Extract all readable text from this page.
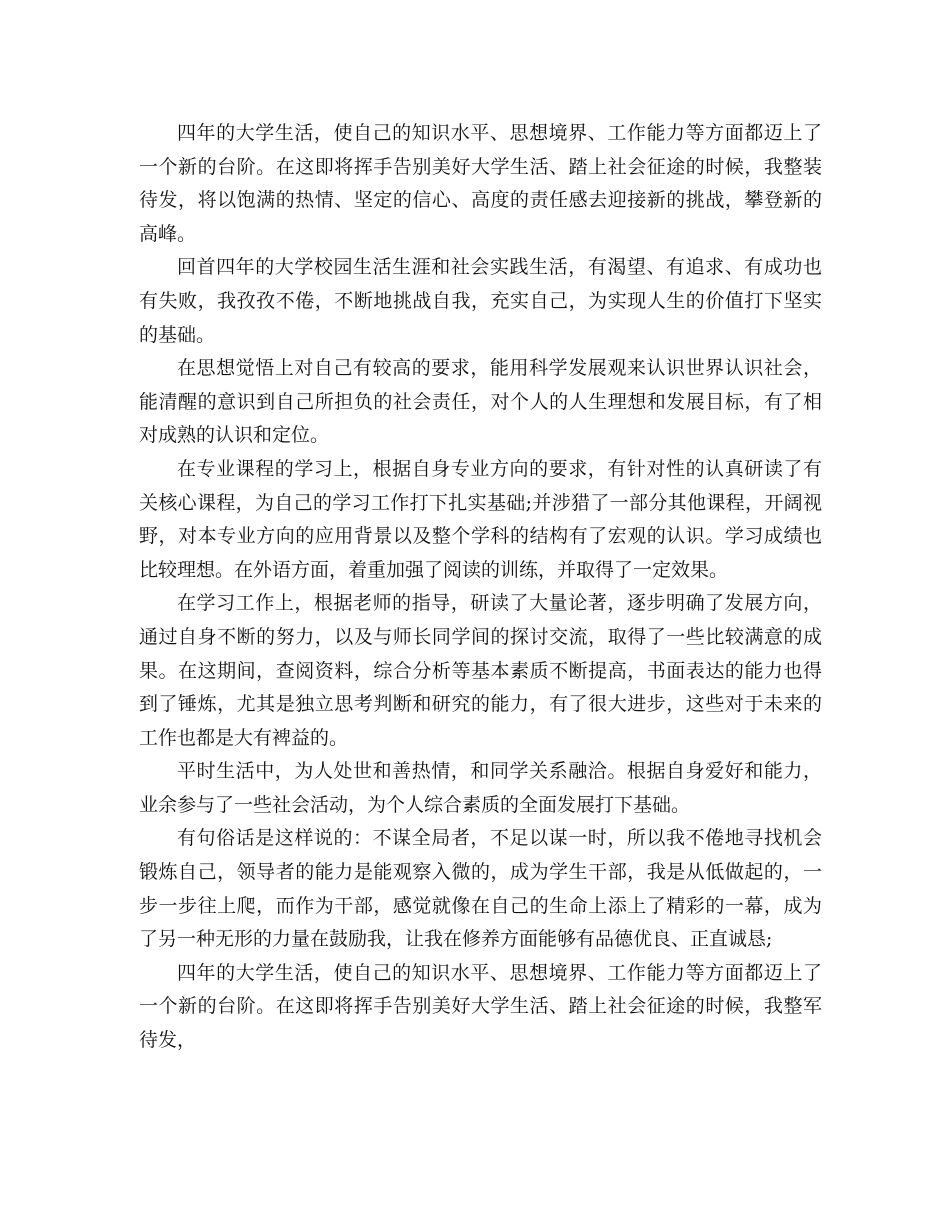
四年的大学生活，使自己的知识水平、思想境界、工作能力等方面都迈上了一个新的台阶。在这即将挥手告别美好大学生活、踏上社会征途的时候，我整装待发，将以饱满的热情、坚定的信心、高度的责任感去迎接新的挑战，攀登新的高峰。

回首四年的大学校园生活生涯和社会实践生活，有渴望、有追求、有成功也有失败，我孜孜不倦，不断地挑战自我，充实自己，为实现人生的价值打下坚实的基础。

在思想觉悟上对自己有较高的要求，能用科学发展观来认识世界认识社会，能清醒的意识到自己所担负的社会责任，对个人的人生理想和发展目标，有了相对成熟的认识和定位。

在专业课程的学习上，根据自身专业方向的要求，有针对性的认真研读了有关核心课程，为自己的学习工作打下扎实基础;并涉猎了一部分其他课程，开阔视野，对本专业方向的应用背景以及整个学科的结构有了宏观的认识。学习成绩也比较理想。在外语方面，着重加强了阅读的训练，并取得了一定效果。

在学习工作上，根据老师的指导，研读了大量论著，逐步明确了发展方向，通过自身不断的努力，以及与师长同学间的探讨交流，取得了一些比较满意的成果。在这期间，查阅资料，综合分析等基本素质不断提高，书面表达的能力也得到了锤炼，尤其是独立思考判断和研究的能力，有了很大进步，这些对于未来的工作也都是大有裨益的。

平时生活中，为人处世和善热情，和同学关系融洽。根据自身爱好和能力，业余参与了一些社会活动，为个人综合素质的全面发展打下基础。

有句俗话是这样说的：不谋全局者，不足以谋一时，所以我不倦地寻找机会锻炼自己，领导者的能力是能观察入微的，成为学生干部，我是从低做起的，一步一步往上爬，而作为干部，感觉就像在自己的生命上添上了精彩的一幕，成为了另一种无形的力量在鼓励我，让我在修养方面能够有品德优良、正直诚恳;

四年的大学生活，使自己的知识水平、思想境界、工作能力等方面都迈上了一个新的台阶。在这即将挥手告别美好大学生活、踏上社会征途的时候，我整军待发，
